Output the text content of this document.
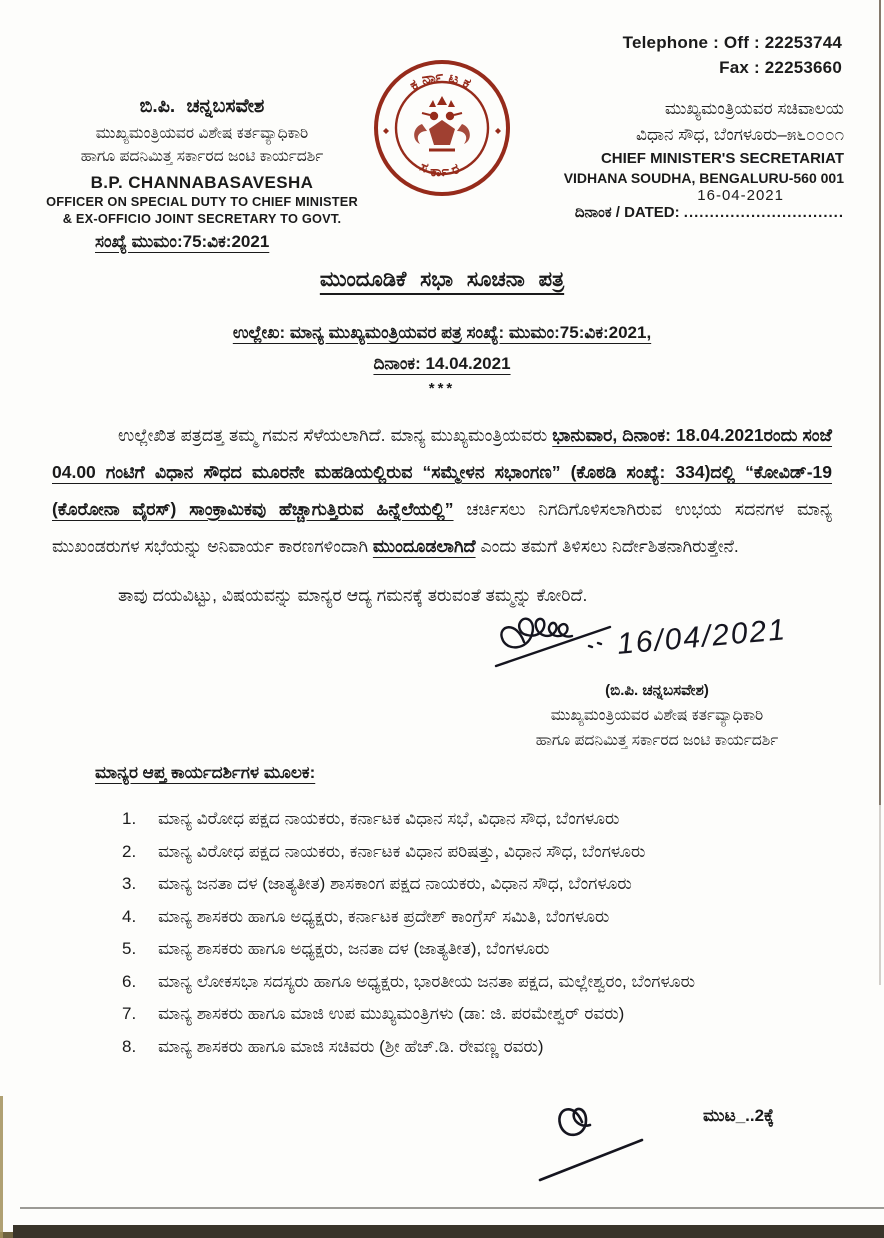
Telephone : Off : 22253744
Fax : 22253660
ಬಿ.ಪಿ. ಚನ್ನಬಸವೇಶ
ಮುಖ್ಯಮಂತ್ರಿಯವರ ವಿಶೇಷ ಕರ್ತವ್ಯಾಧಿಕಾರಿ
ಹಾಗೂ ಪದನಿಮಿತ್ತ ಸರ್ಕಾರದ ಜಂಟಿ ಕಾರ್ಯದರ್ಶಿ
B.P. CHANNABASAVESHA
OFFICER ON SPECIAL DUTY TO CHIEF MINISTER
& EX-OFFICIO JOINT SECRETARY TO GOVT.
ಕರ್ನಾಟಕ
ಸರ್ಕಾರ
ಮುಖ್ಯಮಂತ್ರಿಯವರ ಸಚಿವಾಲಯ
ವಿಧಾನ ಸೌಧ, ಬೆಂಗಳೂರು–೫೬೦೦೦೧
CHIEF MINISTER'S SECRETARIAT
VIDHANA SOUDHA, BENGALURU-560 001
ದಿನಾಂಕ / DATED: ...............................
16-04-2021
ಸಂಖ್ಯೆ ಮುಮಂ:75:ವಿಕ:2021
ಮುಂದೂಡಿಕೆ ಸಭಾ ಸೂಚನಾ ಪತ್ರ
ಉಲ್ಲೇಖ: ಮಾನ್ಯ ಮುಖ್ಯಮಂತ್ರಿಯವರ ಪತ್ರ ಸಂಖ್ಯೆ: ಮುಮಂ:75:ವಿಕ:2021,
ದಿನಾಂಕ: 14.04.2021
***

ಉಲ್ಲೇಖಿತ ಪತ್ರದತ್ತ ತಮ್ಮ ಗಮನ ಸೆಳೆಯಲಾಗಿದೆ. ಮಾನ್ಯ ಮುಖ್ಯಮಂತ್ರಿಯವರು ಭಾನುವಾರ, ದಿನಾಂಕ: 18.04.2021ರಂದು ಸಂಜೆ 04.00 ಗಂಟಿಗೆ ವಿಧಾನ ಸೌಧದ ಮೂರನೇ ಮಹಡಿಯಲ್ಲಿರುವ “ಸಮ್ಮೇಳನ ಸಭಾಂಗಣ” (ಕೊಠಡಿ ಸಂಖ್ಯೆ: 334)ದಲ್ಲಿ “ಕೋವಿಡ್-19 (ಕೊರೋನಾ ವೈರಸ್) ಸಾಂಕ್ರಾಮಿಕವು ಹೆಚ್ಚಾಗುತ್ತಿರುವ ಹಿನ್ನೆಲೆಯಲ್ಲಿ” ಚರ್ಚಿಸಲು ನಿಗದಿಗೊಳಿಸಲಾಗಿರುವ ಉಭಯ ಸದನಗಳ ಮಾನ್ಯ ಮುಖಂಡರುಗಳ ಸಭೆಯನ್ನು ಅನಿವಾರ್ಯ ಕಾರಣಗಳಿಂದಾಗಿ ಮುಂದೂಡಲಾಗಿದೆ ಎಂದು ತಮಗೆ ತಿಳಿಸಲು ನಿರ್ದೇಶಿತನಾಗಿರುತ್ತೇನೆ.

ತಾವು ದಯವಿಟ್ಟು, ವಿಷಯವನ್ನು ಮಾನ್ಯರ ಆದ್ಯ ಗಮನಕ್ಕೆ ತರುವಂತೆ ತಮ್ಮನ್ನು ಕೋರಿದೆ.

16/04/2021
(ಬಿ.ಪಿ. ಚನ್ನಬಸವೇಶ)
ಮುಖ್ಯಮಂತ್ರಿಯವರ ವಿಶೇಷ ಕರ್ತವ್ಯಾಧಿಕಾರಿ
ಹಾಗೂ ಪದನಿಮಿತ್ತ ಸರ್ಕಾರದ ಜಂಟಿ ಕಾರ್ಯದರ್ಶಿ
ಮಾನ್ಯರ ಆಪ್ತ ಕಾರ್ಯದರ್ಶಿಗಳ ಮೂಲಕ:
1.	ಮಾನ್ಯ ವಿರೋಧ ಪಕ್ಷದ ನಾಯಕರು, ಕರ್ನಾಟಕ ವಿಧಾನ ಸಭೆ, ವಿಧಾನ ಸೌಧ, ಬೆಂಗಳೂರು
2.	ಮಾನ್ಯ ವಿರೋಧ ಪಕ್ಷದ ನಾಯಕರು, ಕರ್ನಾಟಕ ವಿಧಾನ ಪರಿಷತ್ತು, ವಿಧಾನ ಸೌಧ, ಬೆಂಗಳೂರು
3.	ಮಾನ್ಯ ಜನತಾ ದಳ (ಜಾತ್ಯತೀತ) ಶಾಸಕಾಂಗ ಪಕ್ಷದ ನಾಯಕರು, ವಿಧಾನ ಸೌಧ, ಬೆಂಗಳೂರು
4.	ಮಾನ್ಯ ಶಾಸಕರು ಹಾಗೂ ಅಧ್ಯಕ್ಷರು, ಕರ್ನಾಟಕ ಪ್ರದೇಶ್ ಕಾಂಗ್ರೆಸ್ ಸಮಿತಿ, ಬೆಂಗಳೂರು
5.	ಮಾನ್ಯ ಶಾಸಕರು ಹಾಗೂ ಅಧ್ಯಕ್ಷರು, ಜನತಾ ದಳ (ಜಾತ್ಯತೀತ), ಬೆಂಗಳೂರು
6.	ಮಾನ್ಯ ಲೋಕಸಭಾ ಸದಸ್ಯರು ಹಾಗೂ ಅಧ್ಯಕ್ಷರು, ಭಾರತೀಯ ಜನತಾ ಪಕ್ಷದ, ಮಲ್ಲೇಶ್ವರಂ, ಬೆಂಗಳೂರು
7.	ಮಾನ್ಯ ಶಾಸಕರು ಹಾಗೂ ಮಾಜಿ ಉಪ ಮುಖ್ಯಮಂತ್ರಿಗಳು (ಡಾ: ಜಿ. ಪರಮೇಶ್ವರ್ ರವರು)
8.	ಮಾನ್ಯ ಶಾಸಕರು ಹಾಗೂ ಮಾಜಿ ಸಚಿವರು (ಶ್ರೀ ಹೆಚ್.ಡಿ. ರೇವಣ್ಣ ರವರು)
ಮುಟ_..2ಕ್ಕೆ
